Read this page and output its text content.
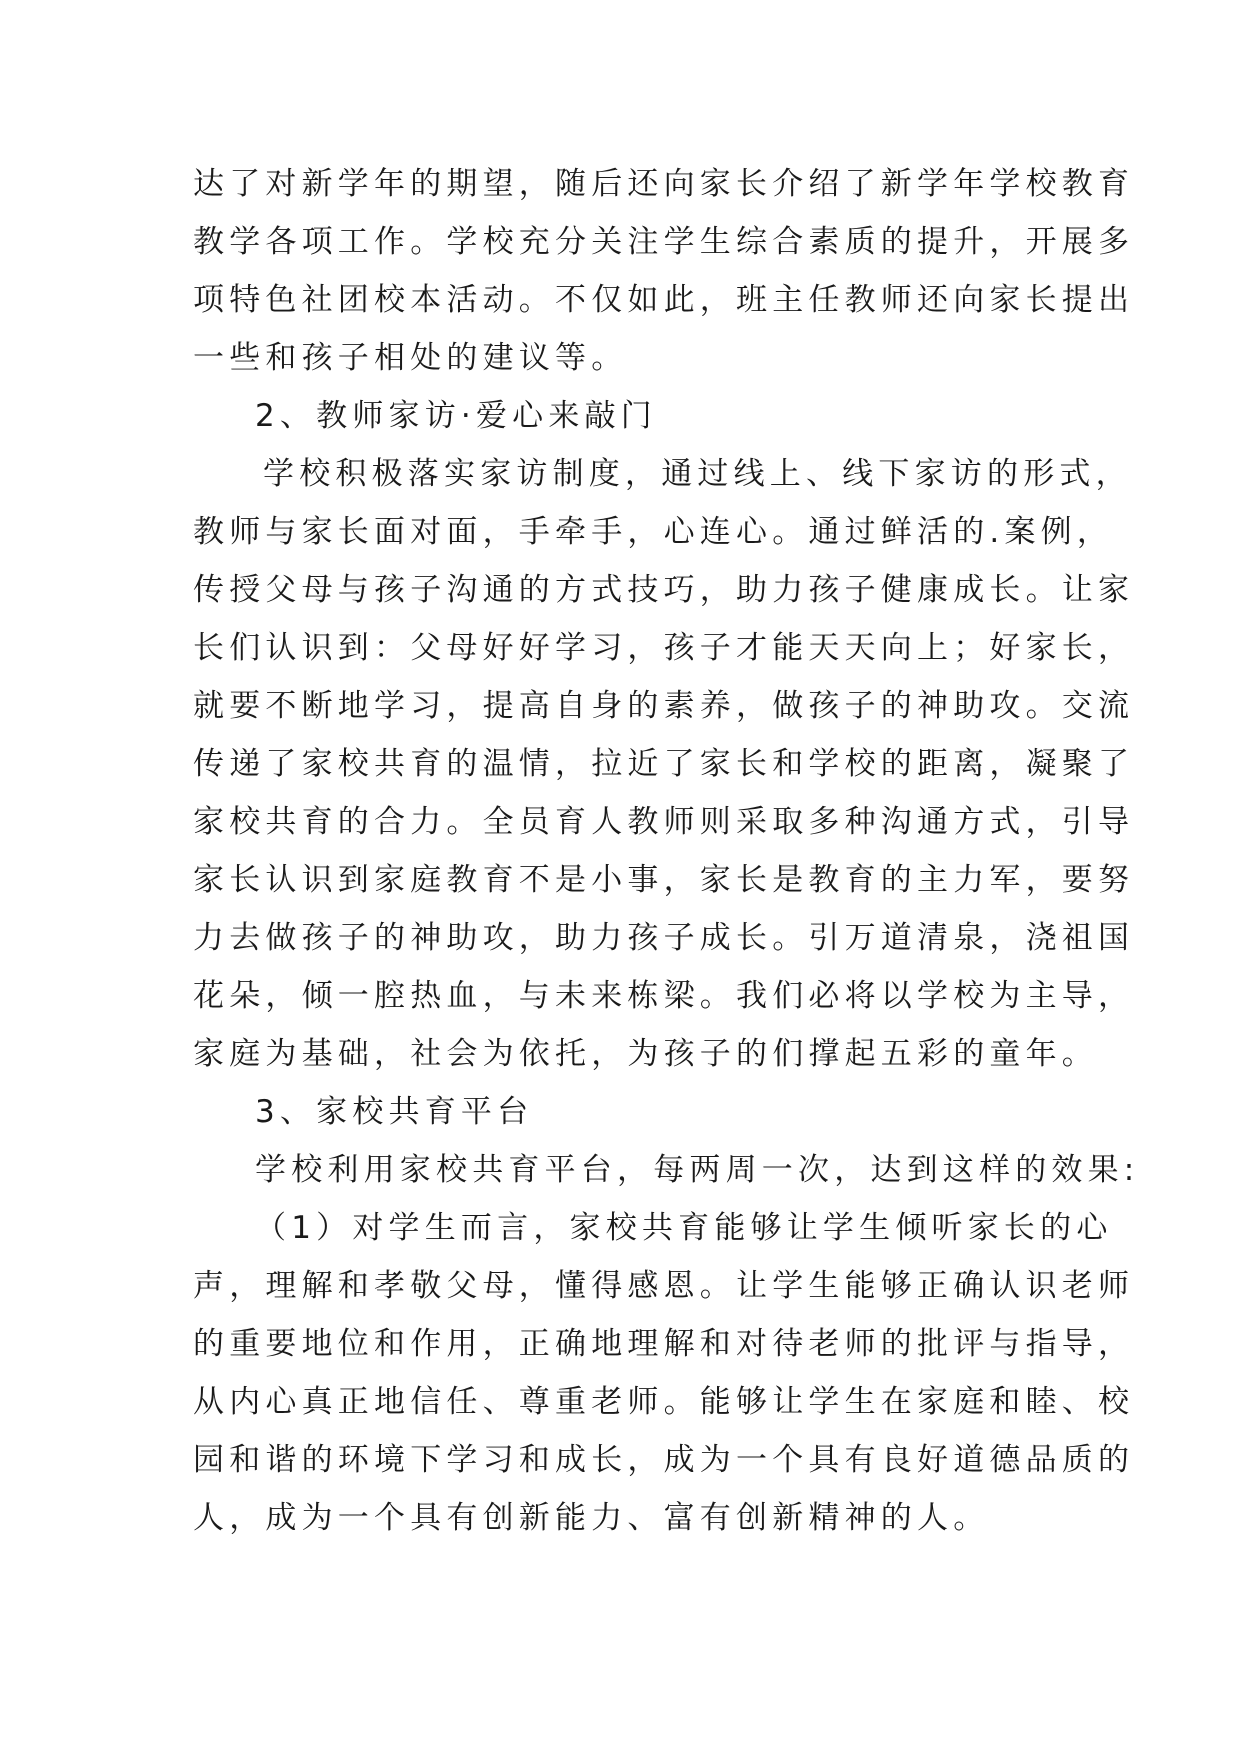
达了对新学年的期望，随后还向家长介绍了新学年学校教育
教学各项工作。学校充分关注学生综合素质的提升，开展多
项特色社团校本活动。不仅如此，班主任教师还向家长提出
一些和孩子相处的建议等。
2、教师家访·爱心来敲门
学校积极落实家访制度，通过线上、线下家访的形式，
教师与家长面对面，手牵手，心连心。通过鲜活的.案例，
传授父母与孩子沟通的方式技巧，助力孩子健康成长。让家
长们认识到：父母好好学习，孩子才能天天向上；好家长，
就要不断地学习，提高自身的素养，做孩子的神助攻。交流
传递了家校共育的温情，拉近了家长和学校的距离，凝聚了
家校共育的合力。全员育人教师则采取多种沟通方式，引导
家长认识到家庭教育不是小事，家长是教育的主力军，要努
力去做孩子的神助攻，助力孩子成长。引万道清泉，浇祖国
花朵，倾一腔热血，与未来栋梁。我们必将以学校为主导，
家庭为基础，社会为依托，为孩子的们撑起五彩的童年。
3、家校共育平台
学校利用家校共育平台，每两周一次，达到这样的效果:
（1）对学生而言，家校共育能够让学生倾听家长的心
声，理解和孝敬父母，懂得感恩。让学生能够正确认识老师
的重要地位和作用，正确地理解和对待老师的批评与指导，
从内心真正地信任、尊重老师。能够让学生在家庭和睦、校
园和谐的环境下学习和成长，成为一个具有良好道德品质的
人，成为一个具有创新能力、富有创新精神的人。
